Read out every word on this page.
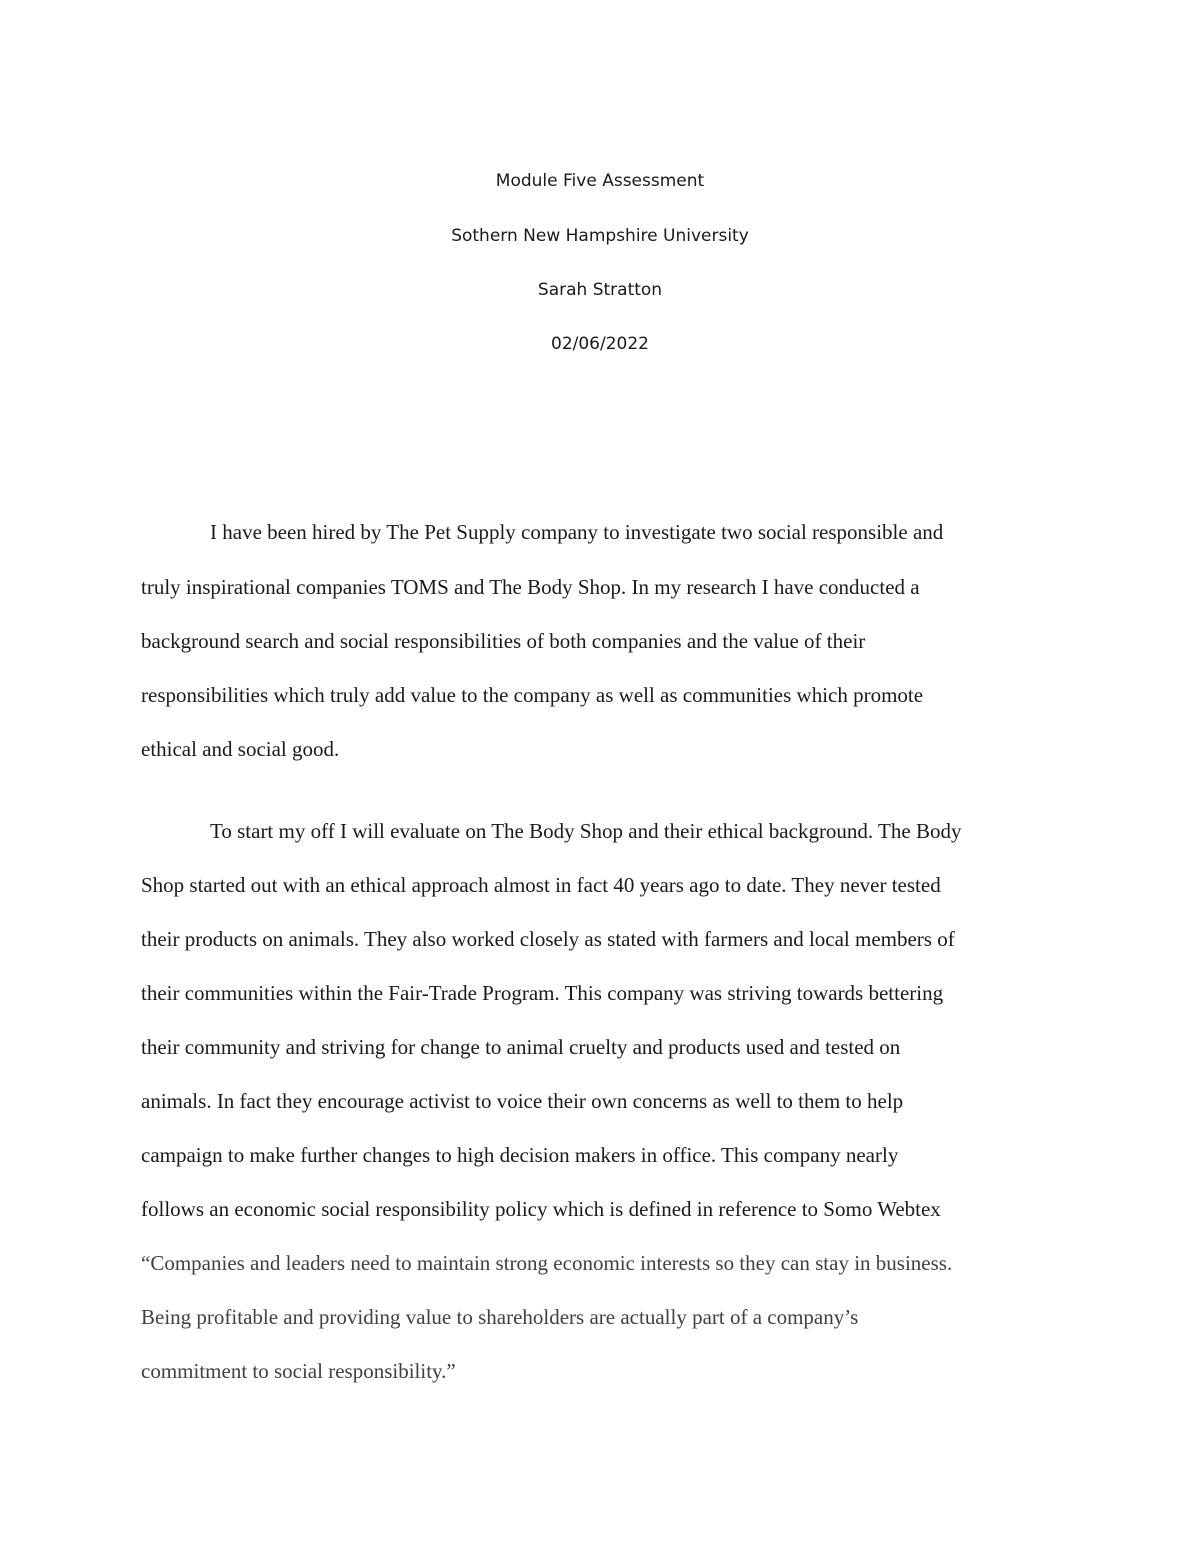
Module Five Assessment
Sothern New Hampshire University
Sarah Stratton
02/06/2022
I have been hired by The Pet Supply company to investigate two social responsible and
truly inspirational companies TOMS and The Body Shop. In my research I have conducted a
background search and social responsibilities of both companies and the value of their
responsibilities which truly add value to the company as well as communities which promote
ethical and social good.
To start my off I will evaluate on The Body Shop and their ethical background. The Body
Shop started out with an ethical approach almost in fact 40 years ago to date. They never tested
their products on animals. They also worked closely as stated with farmers and local members of
their communities within the Fair-Trade Program. This company was striving towards bettering
their community and striving for change to animal cruelty and products used and tested on
animals. In fact they encourage activist to voice their own concerns as well to them to help
campaign to make further changes to high decision makers in office. This company nearly
follows an economic social responsibility policy which is defined in reference to Somo Webtex
“Companies and leaders need to maintain strong economic interests so they can stay in business.
Being profitable and providing value to shareholders are actually part of a company’s
commitment to social responsibility.”
